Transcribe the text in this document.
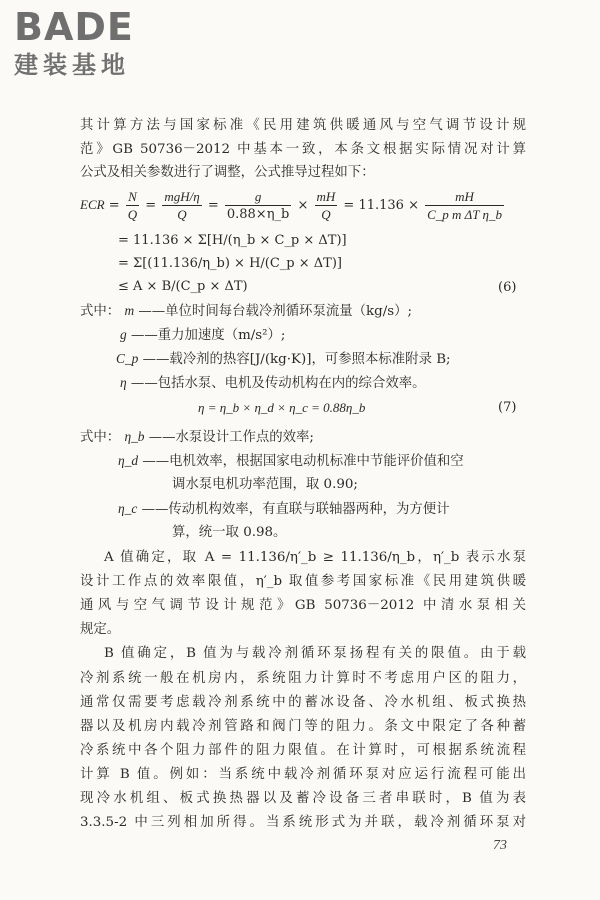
BADE
建装基地
其计算方法与国家标准《民用建筑供暖通风与空气调节设计规
范》GB 50736－2012 中基本一致，本条文根据实际情况对计算
公式及相关参数进行了调整，公式推导过程如下：
ECR = $\frac{N}{Q} = \frac{\text{mgH/η}}{Q} = \frac{g}{0.88\times\eta\_b} \times \frac{mH}{Q} = 11.136 \times \frac{mH}{\text{C\_p m ΔT η\_b}}$
= 11.136 × Σ[H/(η_b × C_p × ΔT)]
= Σ[(11.136/η_b) × H/(C_p × ΔT)]
≤ A × B/(C_p × ΔT)	(6)
式中： m ——单位时间每台载冷剂循环泵流量（kg/s）;
g ——重力加速度（m/s²）;
C_p ——载冷剂的热容[J/(kg·K)]，可参照本标准附录 B;
η ——包括水泵、电机及传动机构在内的综合效率。
η = η_b × η_d × η_c = 0.88η_b	(7)
式中： η_b ——水泵设计工作点的效率;
η_d ——电机效率，根据国家电动机标准中节能评价值和空
调水泵电机功率范围，取 0.90;
η_c ——传动机构效率，有直联与联轴器两种，为方便计
算，统一取 0.98。
A 值确定，取 A = 11.136/η′_b ≥ 11.136/η_b，η′_b 表示水泵
设计工作点的效率限值，η′_b 取值参考国家标准《民用建筑供暖
通风与空气调节设计规范》GB 50736－2012 中清水泵相关
规定。
B 值确定，B 值为与载冷剂循环泵扬程有关的限值。由于载
冷剂系统一般在机房内，系统阻力计算时不考虑用户区的阻力，
通常仅需要考虑载冷剂系统中的蓄冰设备、冷水机组、板式换热
器以及机房内载冷剂管路和阀门等的阻力。条文中限定了各种蓄
冷系统中各个阻力部件的阻力限值。在计算时，可根据系统流程
计算 B 值。例如：当系统中载冷剂循环泵对应运行流程可能出
现冷水机组、板式换热器以及蓄冷设备三者串联时，B 值为表
3.3.5-2 中三列相加所得。当系统形式为并联，载冷剂循环泵对
73
